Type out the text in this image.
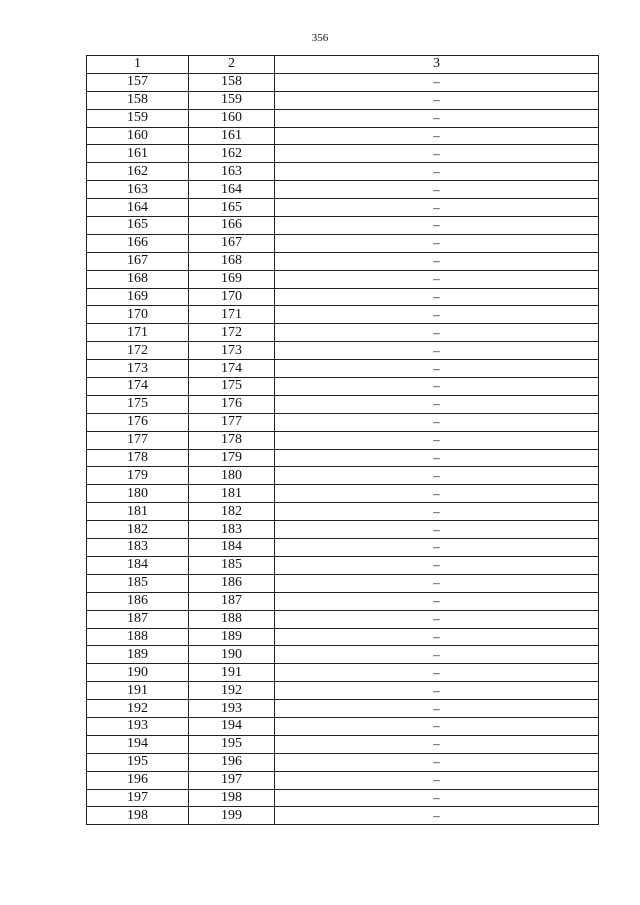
356
1	2	3
157	158	–
158	159	–
159	160	–
160	161	–
161	162	–
162	163	–
163	164	–
164	165	–
165	166	–
166	167	–
167	168	–
168	169	–
169	170	–
170	171	–
171	172	–
172	173	–
173	174	–
174	175	–
175	176	–
176	177	–
177	178	–
178	179	–
179	180	–
180	181	–
181	182	–
182	183	–
183	184	–
184	185	–
185	186	–
186	187	–
187	188	–
188	189	–
189	190	–
190	191	–
191	192	–
192	193	–
193	194	–
194	195	–
195	196	–
196	197	–
197	198	–
198	199	–
